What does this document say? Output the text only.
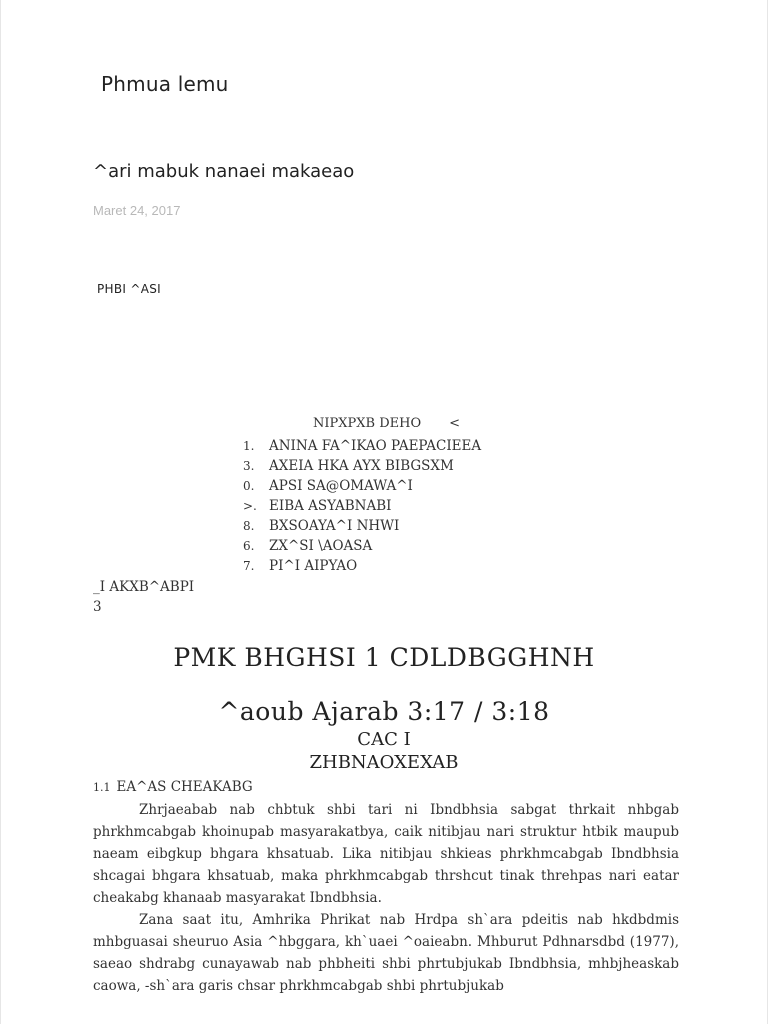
Phmua lemu
^ari mabuk nanaei makaeao
Maret 24, 2017
PHBI ^ASI
NIPXPXB DEHO <
1.	ANINA FA^IKAO PAEPACIEEA
3.	AXEIA HKA AYX BIBGSXM
0.	APSI SA@OMAWA^I
>. EIBA ASYABNABI
8.	BXSOAYA^I NHWI
6.	ZX^SI \AOASA
7.	PI^I AIPYAO
_I AKXB^ABPI
3
PMK BHGHSI 1 CDLDBGGHNH
^aoub Ajarab 3:17 / 3:18
CAC I
ZHBNAOXEXAB
1.1 EA^AS CHEAKABG

Zhrjaeabab nab chbtuk shbi tari ni Ibndbhsia sabgat thrkait nhbgab phrkhmcabgab khoinupab masyarakatbya, caik nitibjau nari struktur htbik maupub naeam eibgkup bhgara khsatuab. Lika nitibjau shkieas phrkhmcabgab Ibndbhsia shcagai bhgara khsatuab, maka phrkhmcabgab thrshcut tinak threhpas nari eatar cheakabg khanaab masyarakat Ibndbhsia.

Zana saat itu, Amhrika Phrikat nab Hrdpa sh`ara pdeitis nab hkdbdmis mhbguasai sheuruo Asia ^hbggara, kh`uaei ^oaieabn. Mhburut Pdhnarsdbd (1977), saeao shdrabg cunayawab nab phbheiti shbi phrtubjukab Ibndbhsia, mhbjheaskab caowa, -sh`ara garis chsar phrkhmcabgab shbi phrtubjukab
